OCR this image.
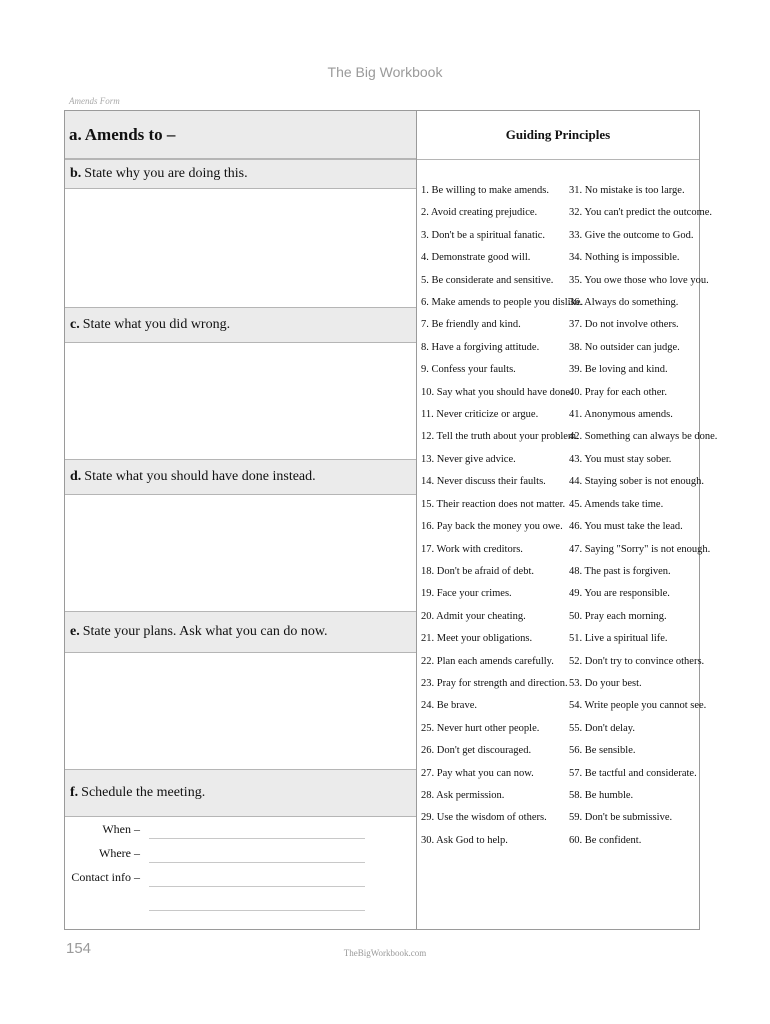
The Big Workbook
Amends Form
a. Amends to –
b. State why you are doing this.
c. State what you did wrong.
d. State what you should have done instead.
e. State your plans. Ask what you can do now.
f. Schedule the meeting.
When –
Where –
Contact info –
Guiding Principles
1. Be willing to make amends.
2. Avoid creating prejudice.
3. Don't be a spiritual fanatic.
4. Demonstrate good will.
5. Be considerate and sensitive.
6. Make amends to people you dislike.
7. Be friendly and kind.
8. Have a forgiving attitude.
9. Confess your faults.
10. Say what you should have done.
11. Never criticize or argue.
12. Tell the truth about your problem.
13. Never give advice.
14. Never discuss their faults.
15. Their reaction does not matter.
16. Pay back the money you owe.
17. Work with creditors.
18. Don't be afraid of debt.
19. Face your crimes.
20. Admit your cheating.
21. Meet your obligations.
22. Plan each amends carefully.
23. Pray for strength and direction.
24. Be brave.
25. Never hurt other people.
26. Don't get discouraged.
27. Pay what you can now.
28. Ask permission.
29. Use the wisdom of others.
30. Ask God to help.
31. No mistake is too large.
32. You can't predict the outcome.
33. Give the outcome to God.
34. Nothing is impossible.
35. You owe those who love you.
36. Always do something.
37. Do not involve others.
38. No outsider can judge.
39. Be loving and kind.
40. Pray for each other.
41. Anonymous amends.
42. Something can always be done.
43. You must stay sober.
44. Staying sober is not enough.
45. Amends take time.
46. You must take the lead.
47. Saying "Sorry" is not enough.
48. The past is forgiven.
49. You are responsible.
50. Pray each morning.
51. Live a spiritual life.
52. Don't try to convince others.
53. Do your best.
54. Write people you cannot see.
55. Don't delay.
56. Be sensible.
57. Be tactful and considerate.
58. Be humble.
59. Don't be submissive.
60. Be confident.
154	TheBigWorkbook.com
